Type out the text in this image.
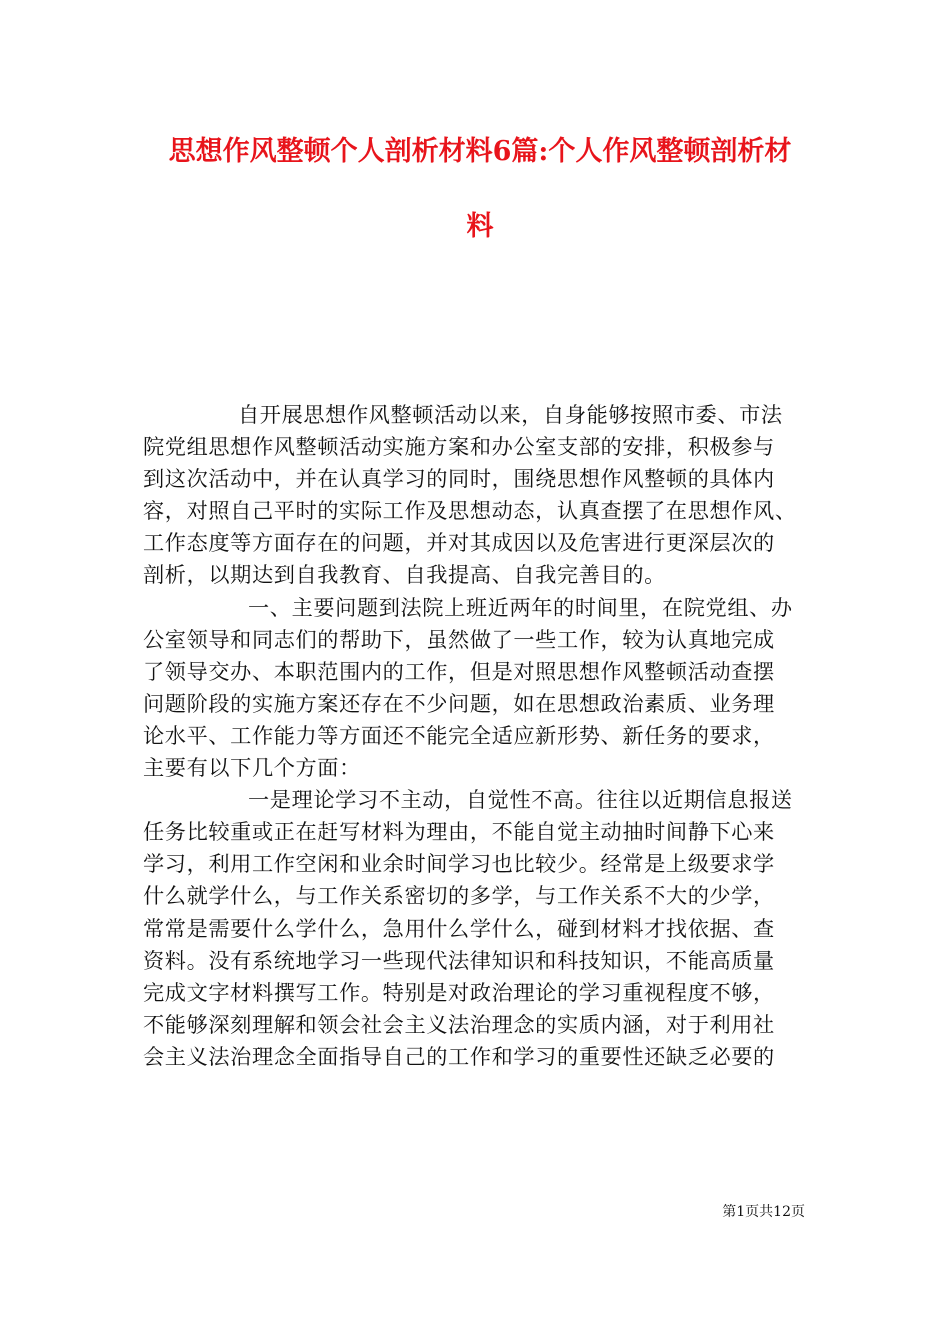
思想作风整顿个人剖析材料6篇:个人作风整顿剖析材
料
自开展思想作风整顿活动以来，自身能够按照市委、市法
院党组思想作风整顿活动实施方案和办公室支部的安排，积极参与
到这次活动中，并在认真学习的同时，围绕思想作风整顿的具体内
容，对照自己平时的实际工作及思想动态，认真查摆了在思想作风、
工作态度等方面存在的问题，并对其成因以及危害进行更深层次的
剖析，以期达到自我教育、自我提高、自我完善目的。
一、主要问题到法院上班近两年的时间里，在院党组、办
公室领导和同志们的帮助下，虽然做了一些工作，较为认真地完成
了领导交办、本职范围内的工作，但是对照思想作风整顿活动查摆
问题阶段的实施方案还存在不少问题，如在思想政治素质、业务理
论水平、工作能力等方面还不能完全适应新形势、新任务的要求，
主要有以下几个方面：
一是理论学习不主动，自觉性不高。往往以近期信息报送
任务比较重或正在赶写材料为理由，不能自觉主动抽时间静下心来
学习，利用工作空闲和业余时间学习也比较少。经常是上级要求学
什么就学什么，与工作关系密切的多学，与工作关系不大的少学，
常常是需要什么学什么，急用什么学什么，碰到材料才找依据、查
资料。没有系统地学习一些现代法律知识和科技知识，不能高质量
完成文字材料撰写工作。特别是对政治理论的学习重视程度不够，
不能够深刻理解和领会社会主义法治理念的实质内涵，对于利用社
会主义法治理念全面指导自己的工作和学习的重要性还缺乏必要的
第1页共12页
